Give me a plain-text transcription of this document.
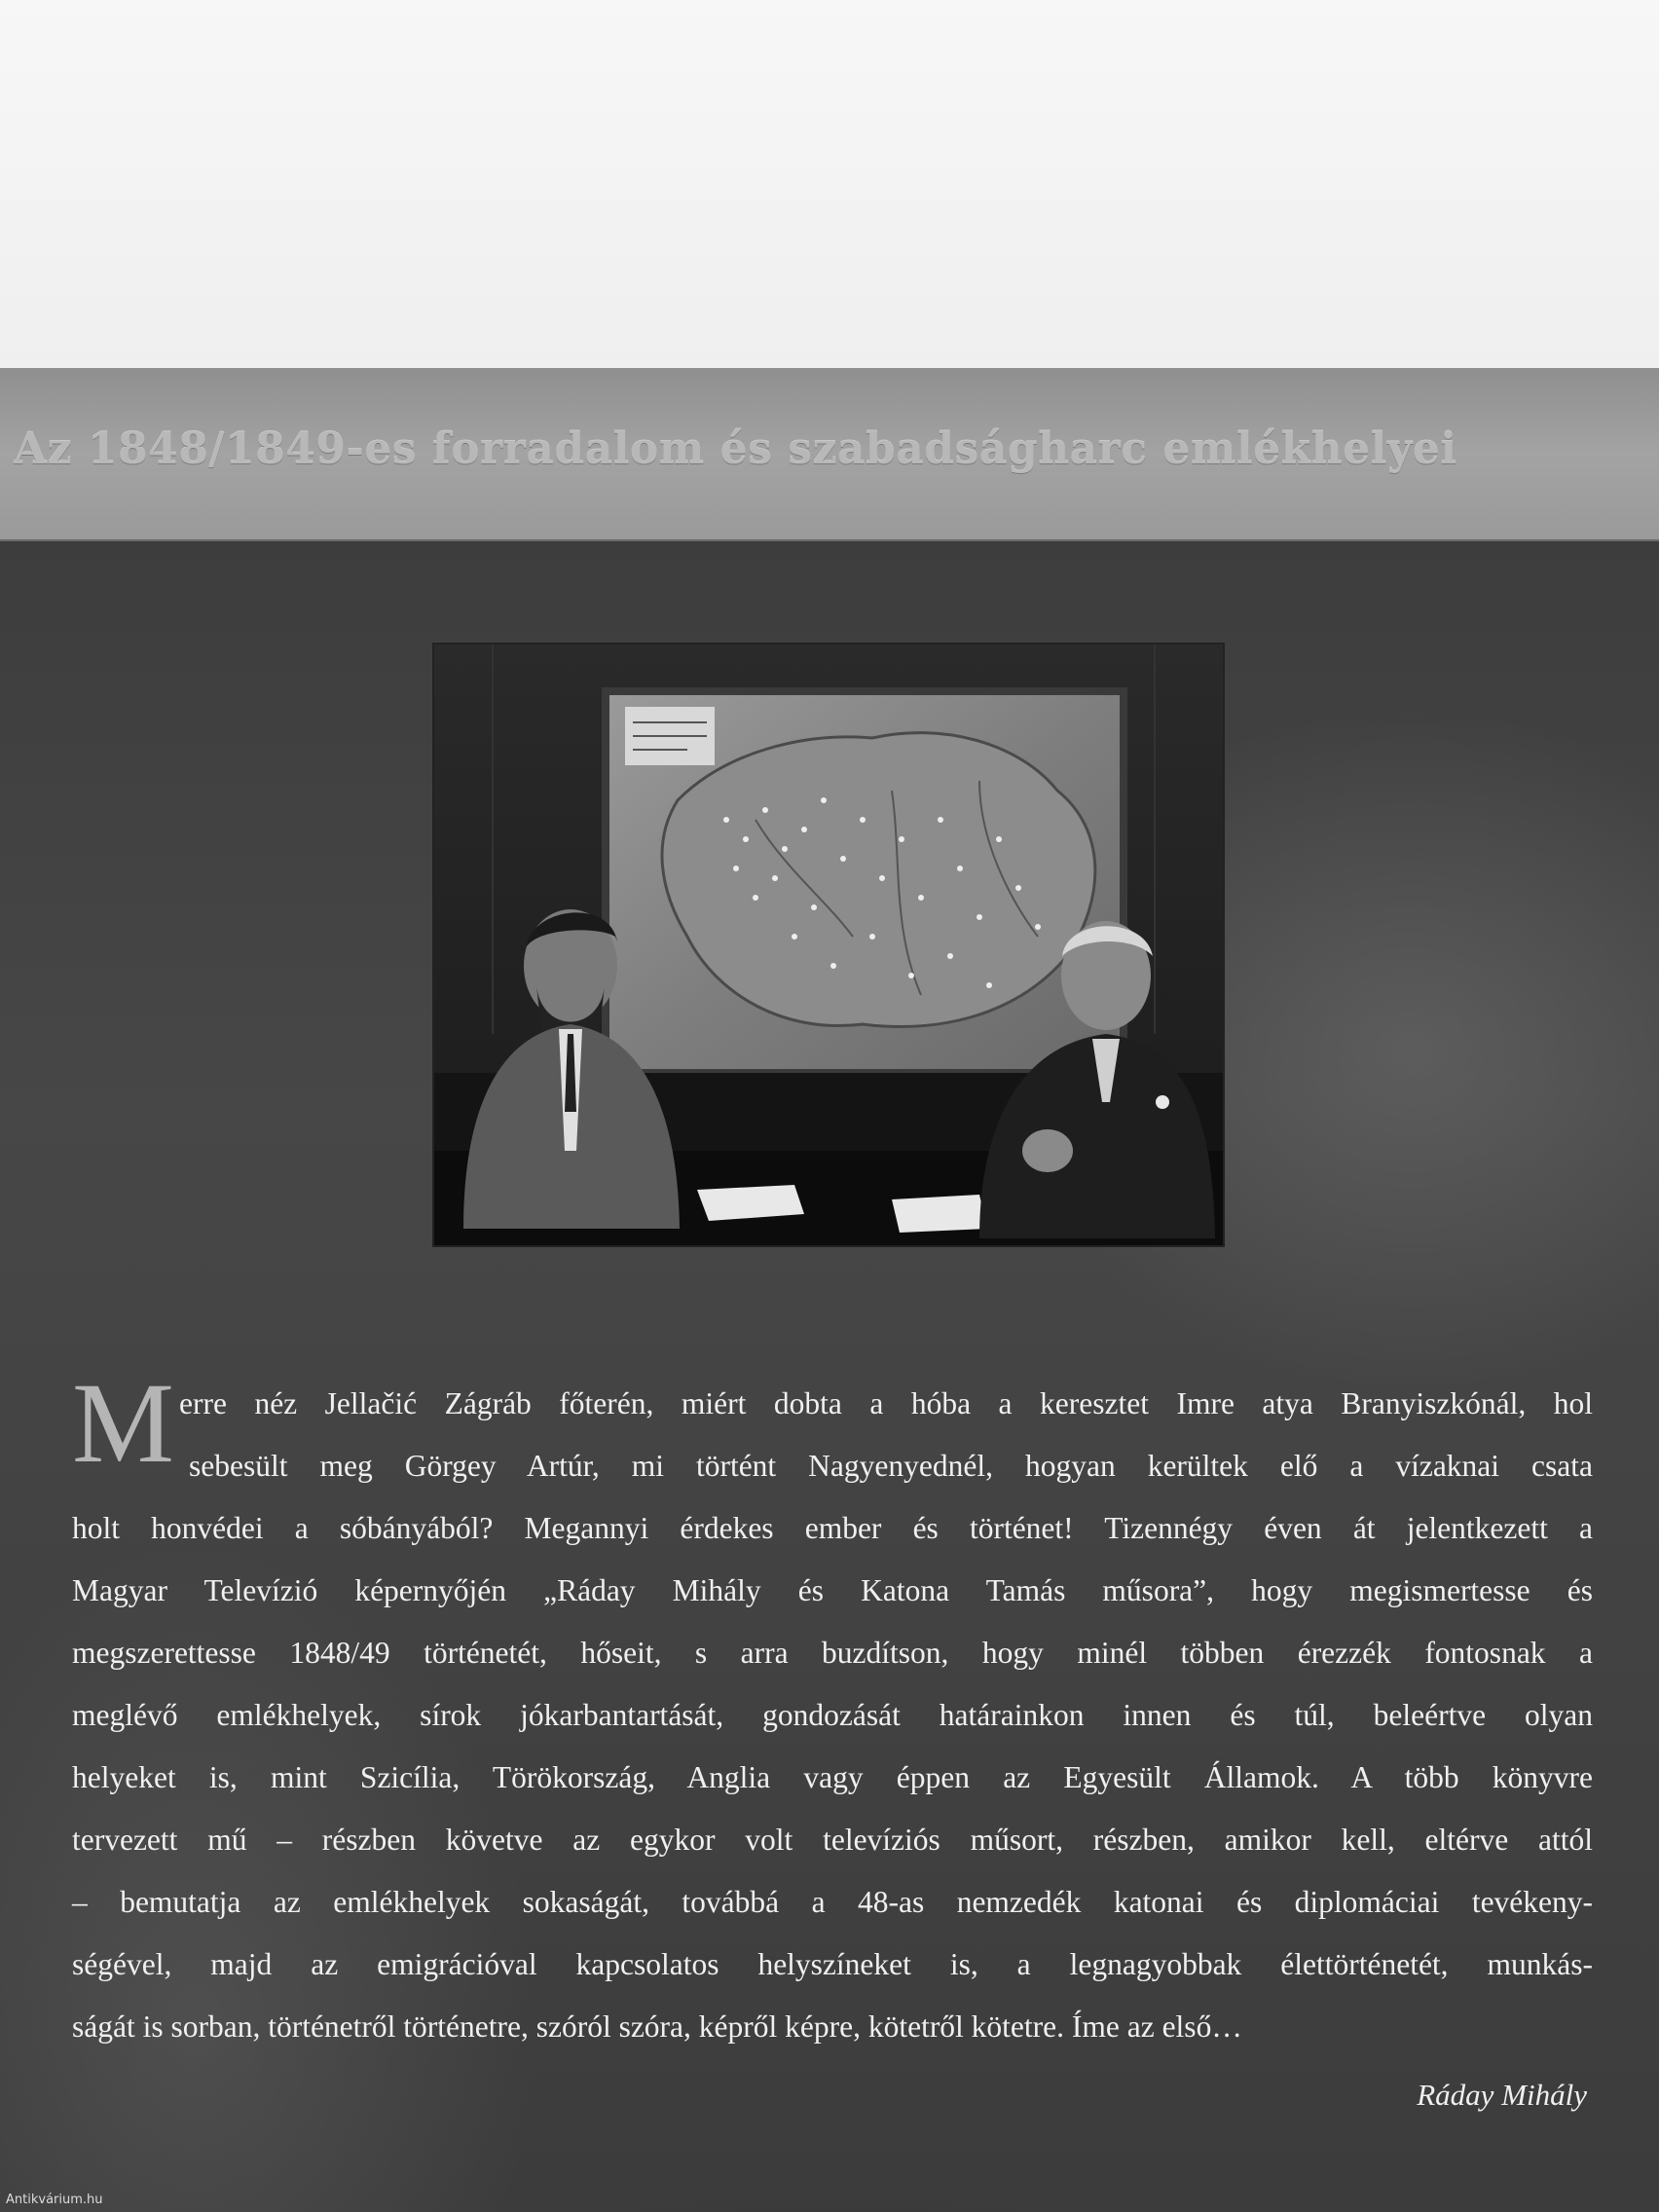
Az 1848/1849-es forradalom és szabadságharc emlékhelyei
M erre néz Jellačić Zágráb főterén, miért dobta a hóba a keresztet Imre atya Branyiszkónál, hol
sebesült meg Görgey Artúr, mi történt Nagyenyednél, hogyan kerültek elő a vízaknai csata
holt honvédei a sóbányából? Megannyi érdekes ember és történet! Tizennégy éven át jelentkezett a
Magyar Televízió képernyőjén „Ráday Mihály és Katona Tamás műsora”, hogy megismertesse és
megszerettesse 1848/49 történetét, hőseit, s arra buzdítson, hogy minél többen érezzék fontosnak a
meglévő emlékhelyek, sírok jókarbantartását, gondozását határainkon innen és túl, beleértve olyan
helyeket is, mint Szicília, Törökország, Anglia vagy éppen az Egyesült Államok. A több könyvre
tervezett mű – részben követve az egykor volt televíziós műsort, részben, amikor kell, eltérve attól
– bemutatja az emlékhelyek sokaságát, továbbá a 48-as nemzedék katonai és diplomáciai tevékeny-
ségével, majd az emigrációval kapcsolatos helyszíneket is, a legnagyobbak élettörténetét, munkás-
ságát is sorban, történetről történetre, szóról szóra, képről képre, kötetről kötetre. Íme az első…
Ráday Mihály
Antikvárium.hu
